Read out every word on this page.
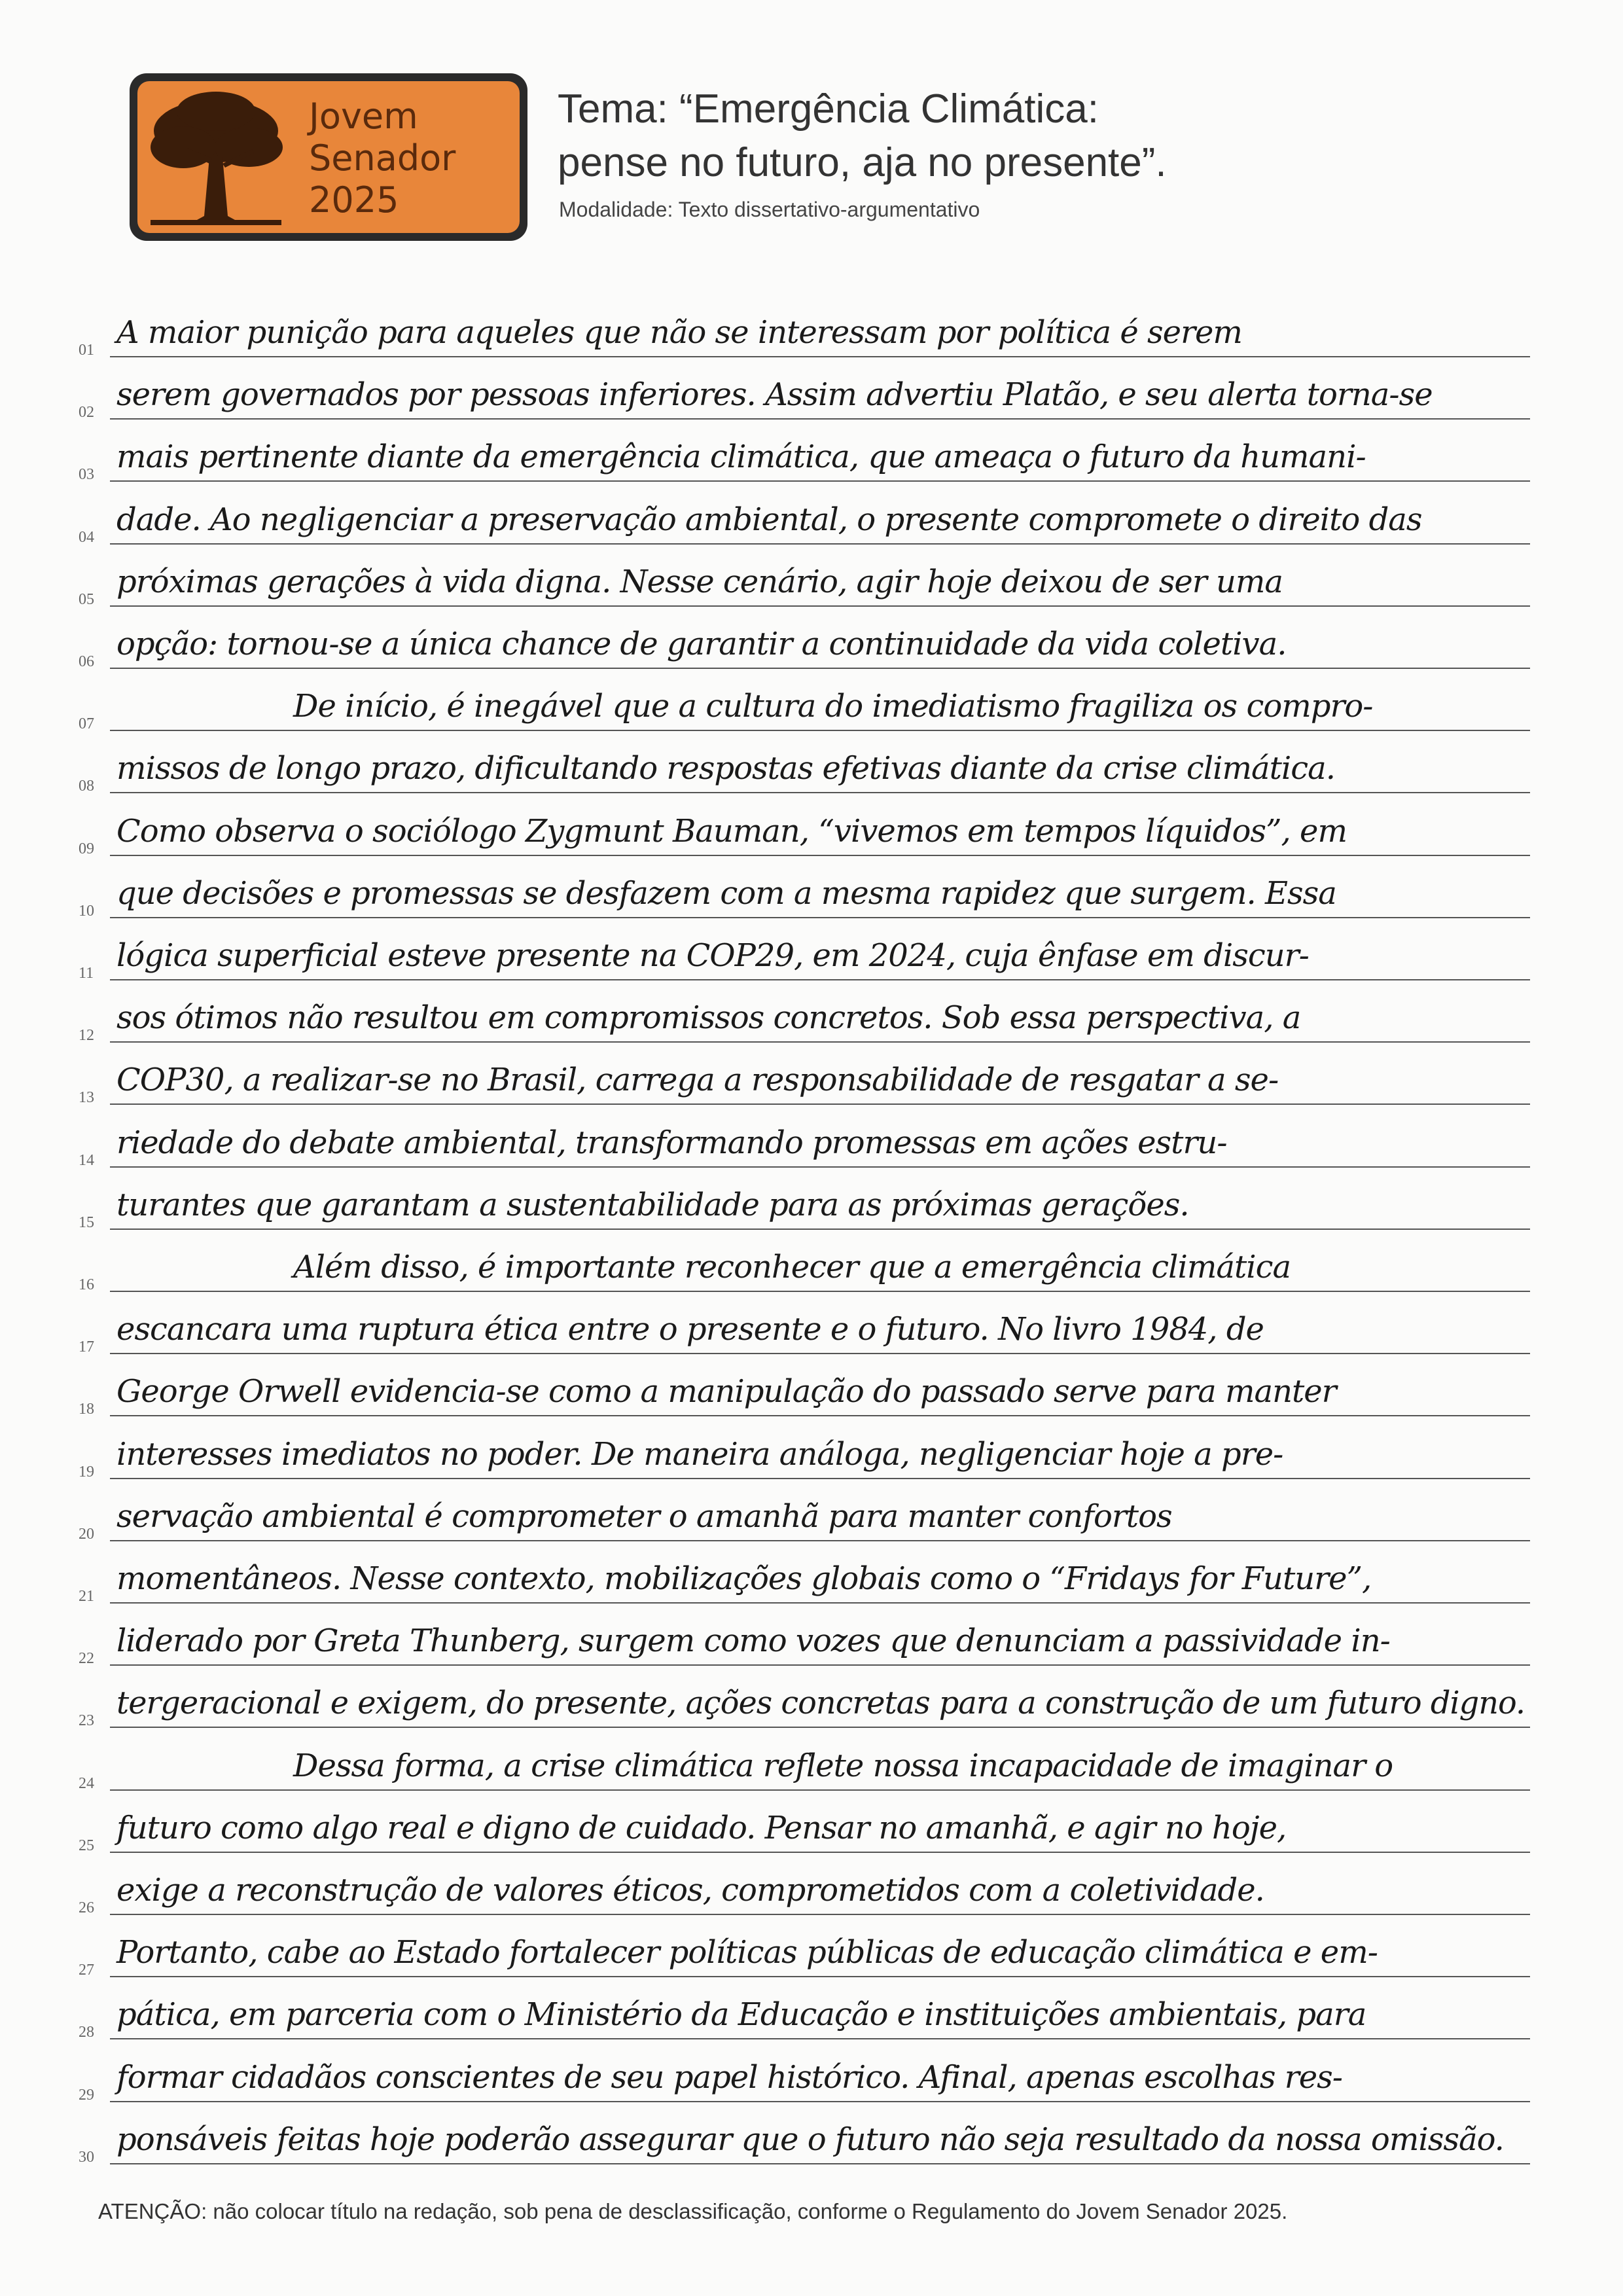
Jovem
Senador
2025
Tema: “Emergência Climática:
pense no futuro, aja no presente”.
Modalidade: Texto dissertativo-argumentativo
01 A maior punição para aqueles que não se interessam por política é serem
02 serem governados por pessoas inferiores. Assim advertiu Platão, e seu alerta torna-se
03 mais pertinente diante da emergência climática, que ameaça o futuro da humani-
04 dade. Ao negligenciar a preservação ambiental, o presente compromete o direito das
05 próximas gerações à vida digna. Nesse cenário, agir hoje deixou de ser uma
06 opção: tornou-se a única chance de garantir a continuidade da vida coletiva.
07	De início, é inegável que a cultura do imediatismo fragiliza os compro-
08 missos de longo prazo, dificultando respostas efetivas diante da crise climática.
09 Como observa o sociólogo Zygmunt Bauman, “vivemos em tempos líquidos”, em
10 que decisões e promessas se desfazem com a mesma rapidez que surgem. Essa
11 lógica superficial esteve presente na COP29, em 2024, cuja ênfase em discur-
12 sos ótimos não resultou em compromissos concretos. Sob essa perspectiva, a
13 COP30, a realizar-se no Brasil, carrega a responsabilidade de resgatar a se-
14 riedade do debate ambiental, transformando promessas em ações estru-
15 turantes que garantam a sustentabilidade para as próximas gerações.
16	Além disso, é importante reconhecer que a emergência climática
17 escancara uma ruptura ética entre o presente e o futuro. No livro 1984, de
18 George Orwell evidencia-se como a manipulação do passado serve para manter
19 interesses imediatos no poder. De maneira análoga, negligenciar hoje a pre-
20 servação ambiental é comprometer o amanhã para manter confortos
21 momentâneos. Nesse contexto, mobilizações globais como o “Fridays for Future”,
22 liderado por Greta Thunberg, surgem como vozes que denunciam a passividade in-
23 tergeracional e exigem, do presente, ações concretas para a construção de um futuro digno.
24	Dessa forma, a crise climática reflete nossa incapacidade de imaginar o
25 futuro como algo real e digno de cuidado. Pensar no amanhã, e agir no hoje,
26 exige a reconstrução de valores éticos, comprometidos com a coletividade.
27 Portanto, cabe ao Estado fortalecer políticas públicas de educação climática e em-
28 pática, em parceria com o Ministério da Educação e instituições ambientais, para
29 formar cidadãos conscientes de seu papel histórico. Afinal, apenas escolhas res-
30 ponsáveis feitas hoje poderão assegurar que o futuro não seja resultado da nossa omissão.
ATENÇÃO: não colocar título na redação, sob pena de desclassificação, conforme o Regulamento do Jovem Senador 2025.
